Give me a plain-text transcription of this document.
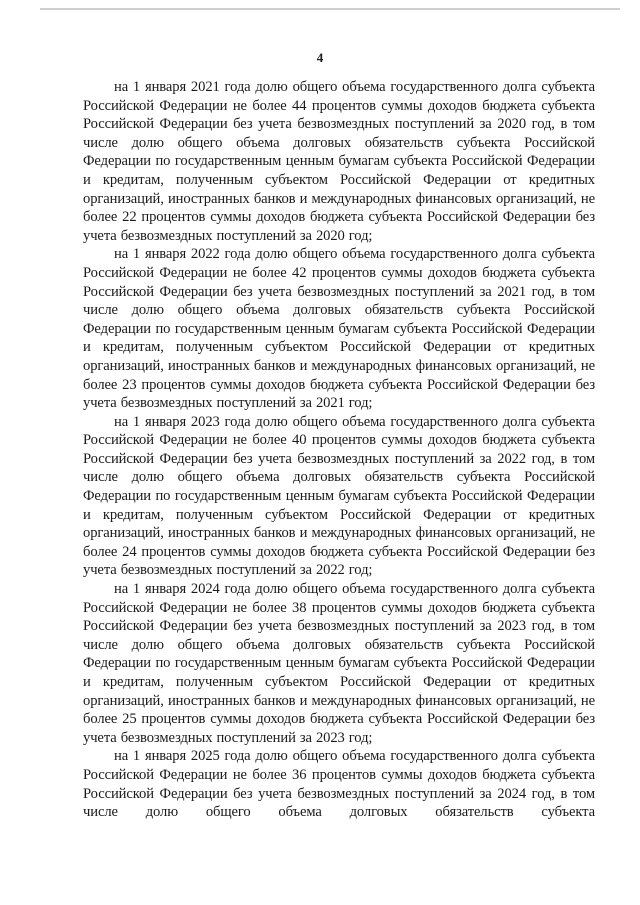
4

на 1 января 2021 года долю общего объема государственного долга субъекта Российской Федерации не более 44 процентов суммы доходов бюджета субъекта Российской Федерации без учета безвозмездных поступлений за 2020 год, в том числе долю общего объема долговых обязательств субъекта Российской Федерации по государственным ценным бумагам субъекта Российской Федерации и кредитам, полученным субъектом Российской Федерации от кредитных организаций, иностранных банков и международных финансовых организаций, не более 22 процентов суммы доходов бюджета субъекта Российской Федерации без учета безвозмездных поступлений за 2020 год;

на 1 января 2022 года долю общего объема государственного долга субъекта Российской Федерации не более 42 процентов суммы доходов бюджета субъекта Российской Федерации без учета безвозмездных поступлений за 2021 год, в том числе долю общего объема долговых обязательств субъекта Российской Федерации по государственным ценным бумагам субъекта Российской Федерации и кредитам, полученным субъектом Российской Федерации от кредитных организаций, иностранных банков и международных финансовых организаций, не более 23 процентов суммы доходов бюджета субъекта Российской Федерации без учета безвозмездных поступлений за 2021 год;

на 1 января 2023 года долю общего объема государственного долга субъекта Российской Федерации не более 40 процентов суммы доходов бюджета субъекта Российской Федерации без учета безвозмездных поступлений за 2022 год, в том числе долю общего объема долговых обязательств субъекта Российской Федерации по государственным ценным бумагам субъекта Российской Федерации и кредитам, полученным субъектом Российской Федерации от кредитных организаций, иностранных банков и международных финансовых организаций, не более 24 процентов суммы доходов бюджета субъекта Российской Федерации без учета безвозмездных поступлений за 2022 год;

на 1 января 2024 года долю общего объема государственного долга субъекта Российской Федерации не более 38 процентов суммы доходов бюджета субъекта Российской Федерации без учета безвозмездных поступлений за 2023 год, в том числе долю общего объема долговых обязательств субъекта Российской Федерации по государственным ценным бумагам субъекта Российской Федерации и кредитам, полученным субъектом Российской Федерации от кредитных организаций, иностранных банков и международных финансовых организаций, не более 25 процентов суммы доходов бюджета субъекта Российской Федерации без учета безвозмездных поступлений за 2023 год;

на 1 января 2025 года долю общего объема государственного долга субъекта Российской Федерации не более 36 процентов суммы доходов бюджета субъекта Российской Федерации без учета безвозмездных поступлений за 2024 год, в том числе долю общего объема долговых обязательств субъекта
